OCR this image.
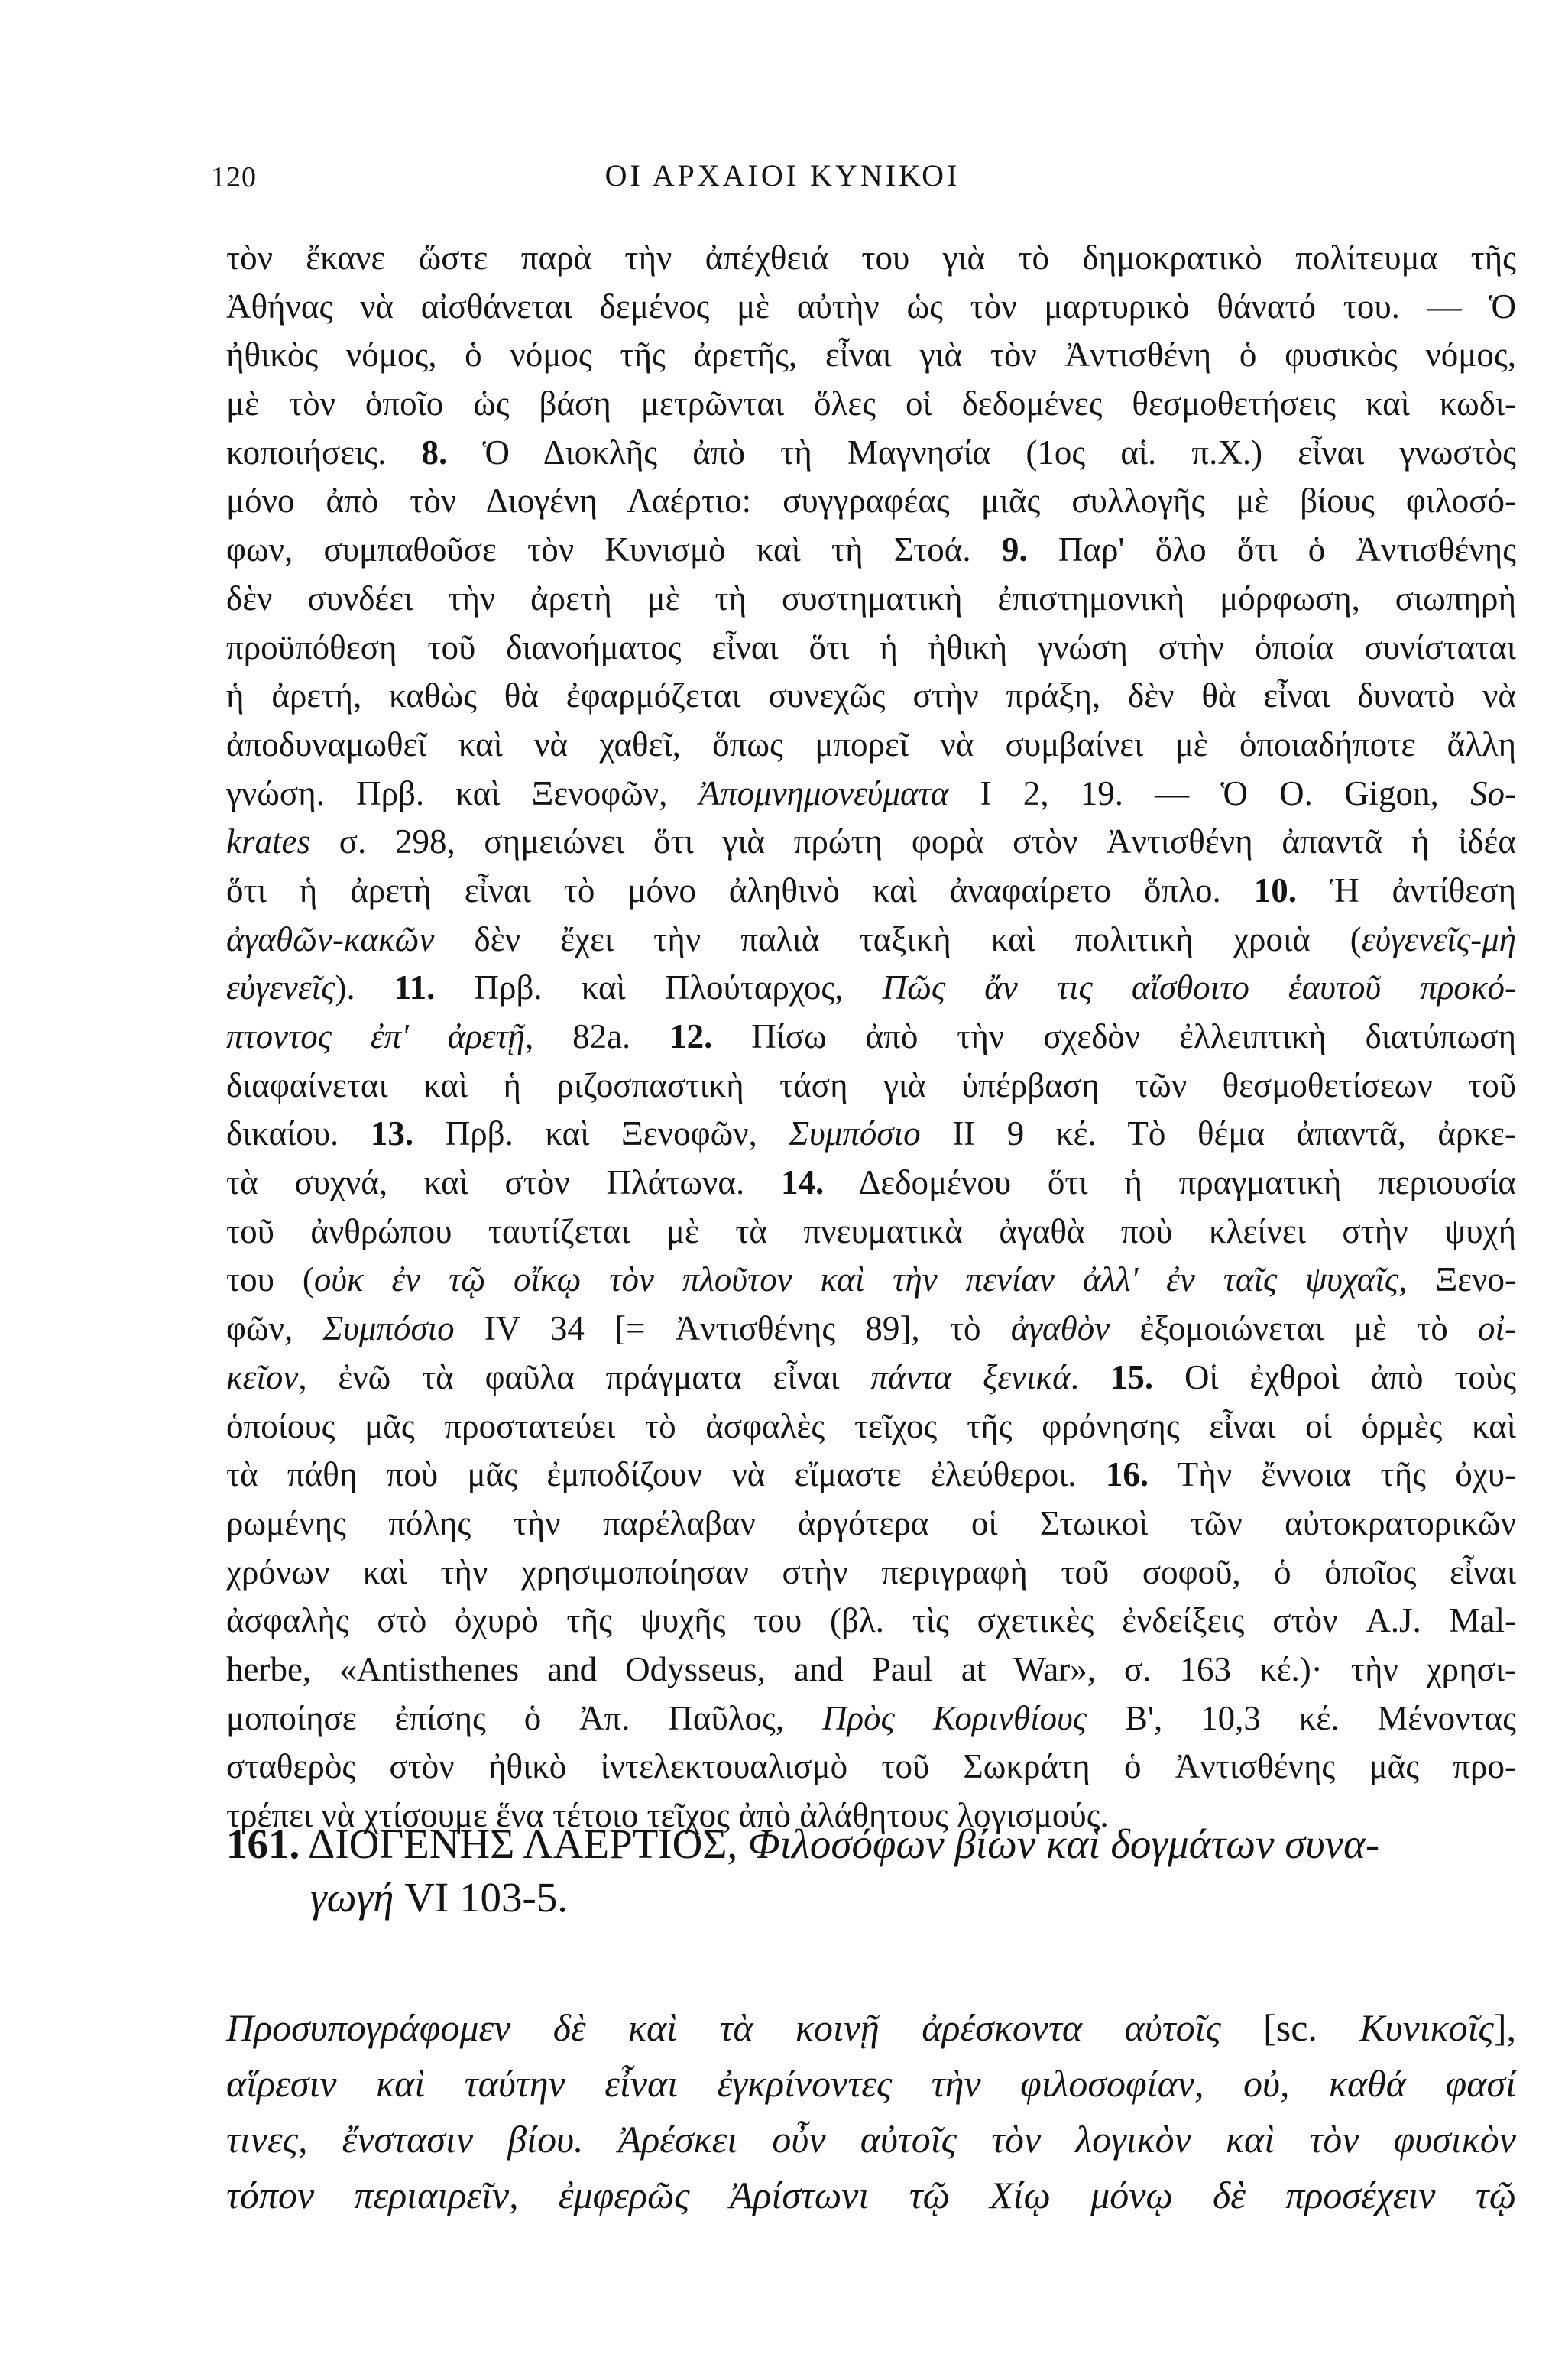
120	ΟΙ ΑΡΧΑΙΟΙ ΚΥΝΙΚΟΙ
τὸν ἔκανε ὥστε παρὰ τὴν ἀπέχθειά του γιὰ τὸ δημοκρατικὸ πολίτευμα τῆς
Ἀθήνας νὰ αἰσθάνεται δεμένος μὲ αὐτὴν ὡς τὸν μαρτυρικὸ θάνατό του. — Ὁ
ἠθικὸς νόμος, ὁ νόμος τῆς ἀρετῆς, εἶναι γιὰ τὸν Ἀντισθένη ὁ φυσικὸς νόμος,
μὲ τὸν ὁποῖο ὡς βάση μετρῶνται ὅλες οἱ δεδομένες θεσμοθετήσεις καὶ κωδι-
κοποιήσεις. 8. Ὁ Διοκλῆς ἀπὸ τὴ Μαγνησία (1ος αἱ. π.Χ.) εἶναι γνωστὸς
μόνο ἀπὸ τὸν Διογένη Λαέρτιο: συγγραφέας μιᾶς συλλογῆς μὲ βίους φιλοσό-
φων, συμπαθοῦσε τὸν Κυνισμὸ καὶ τὴ Στοά. 9. Παρ' ὅλο ὅτι ὁ Ἀντισθένης
δὲν συνδέει τὴν ἀρετὴ μὲ τὴ συστηματικὴ ἐπιστημονικὴ μόρφωση, σιωπηρὴ
προϋπόθεση τοῦ διανοήματος εἶναι ὅτι ἡ ἠθικὴ γνώση στὴν ὁποία συνίσταται
ἡ ἀρετή, καθὼς θὰ ἐφαρμόζεται συνεχῶς στὴν πράξη, δὲν θὰ εἶναι δυνατὸ νὰ
ἀποδυναμωθεῖ καὶ νὰ χαθεῖ, ὅπως μπορεῖ νὰ συμβαίνει μὲ ὁποιαδήποτε ἄλλη
γνώση. Πρβ. καὶ Ξενοφῶν, Ἀπομνημονεύματα I 2, 19. — Ὁ O. Gigon, So-
krates σ. 298, σημειώνει ὅτι γιὰ πρώτη φορὰ στὸν Ἀντισθένη ἀπαντᾶ ἡ ἰδέα
ὅτι ἡ ἀρετὴ εἶναι τὸ μόνο ἀληθινὸ καὶ ἀναφαίρετο ὅπλο. 10. Ἡ ἀντίθεση
ἀγαθῶν-κακῶν δὲν ἔχει τὴν παλιὰ ταξικὴ καὶ πολιτικὴ χροιὰ (εὐγενεῖς-μὴ
εὐγενεῖς). 11. Πρβ. καὶ Πλούταρχος, Πῶς ἄν τις αἴσθοιτο ἑαυτοῦ προκό-
πτοντος ἐπ' ἀρετῇ, 82a. 12. Πίσω ἀπὸ τὴν σχεδὸν ἐλλειπτικὴ διατύπωση
διαφαίνεται καὶ ἡ ριζοσπαστικὴ τάση γιὰ ὑπέρβαση τῶν θεσμοθετίσεων τοῦ
δικαίου. 13. Πρβ. καὶ Ξενοφῶν, Συμπόσιο II 9 κέ. Τὸ θέμα ἀπαντᾶ, ἀρκε-
τὰ συχνά, καὶ στὸν Πλάτωνα. 14. Δεδομένου ὅτι ἡ πραγματικὴ περιουσία
τοῦ ἀνθρώπου ταυτίζεται μὲ τὰ πνευματικὰ ἀγαθὰ ποὺ κλείνει στὴν ψυχή
του (οὐκ ἐν τῷ οἴκῳ τὸν πλοῦτον καὶ τὴν πενίαν ἀλλ' ἐν ταῖς ψυχαῖς, Ξενο-
φῶν, Συμπόσιο IV 34 [= Ἀντισθένης 89], τὸ ἀγαθὸν ἐξομοιώνεται μὲ τὸ οἰ-
κεῖον, ἐνῶ τὰ φαῦλα πράγματα εἶναι πάντα ξενικά. 15. Οἱ ἐχθροὶ ἀπὸ τοὺς
ὁποίους μᾶς προστατεύει τὸ ἀσφαλὲς τεῖχος τῆς φρόνησης εἶναι οἱ ὁρμὲς καὶ
τὰ πάθη ποὺ μᾶς ἐμποδίζουν νὰ εἴμαστε ἐλεύθεροι. 16. Τὴν ἔννοια τῆς ὀχυ-
ρωμένης πόλης τὴν παρέλαβαν ἀργότερα οἱ Στωικοὶ τῶν αὐτοκρατορικῶν
χρόνων καὶ τὴν χρησιμοποίησαν στὴν περιγραφὴ τοῦ σοφοῦ, ὁ ὁποῖος εἶναι
ἀσφαλὴς στὸ ὀχυρὸ τῆς ψυχῆς του (βλ. τὶς σχετικὲς ἐνδείξεις στὸν A.J. Mal-
herbe, «Antisthenes and Odysseus, and Paul at War», σ. 163 κέ.)· τὴν χρησι-
μοποίησε ἐπίσης ὁ Ἀπ. Παῦλος, Πρὸς Κορινθίους Β', 10,3 κέ. Μένοντας
σταθερὸς στὸν ἠθικὸ ἰντελεκτουαλισμὸ τοῦ Σωκράτη ὁ Ἀντισθένης μᾶς προ-
τρέπει νὰ χτίσουμε ἕνα τέτοιο τεῖχος ἀπὸ ἀλάθητους λογισμούς.
161. ΔΙΟΓΕΝΗΣ ΛΑΕΡΤΙΟΣ, Φιλοσόφων βίων καὶ δογμάτων συνα-
γωγή VI 103-5.
Προσυπογράφομεν δὲ καὶ τὰ κοινῇ ἀρέσκοντα αὐτοῖς [sc. Κυνικοῖς],
αἵρεσιν καὶ ταύτην εἶναι ἐγκρίνοντες τὴν φιλοσοφίαν, οὐ, καθά φασί
τινες, ἔνστασιν βίου. Ἀρέσκει οὖν αὐτοῖς τὸν λογικὸν καὶ τὸν φυσικὸν
τόπον περιαιρεῖν, ἐμφερῶς Ἀρίστωνι τῷ Χίῳ μόνῳ δὲ προσέχειν τῷ
